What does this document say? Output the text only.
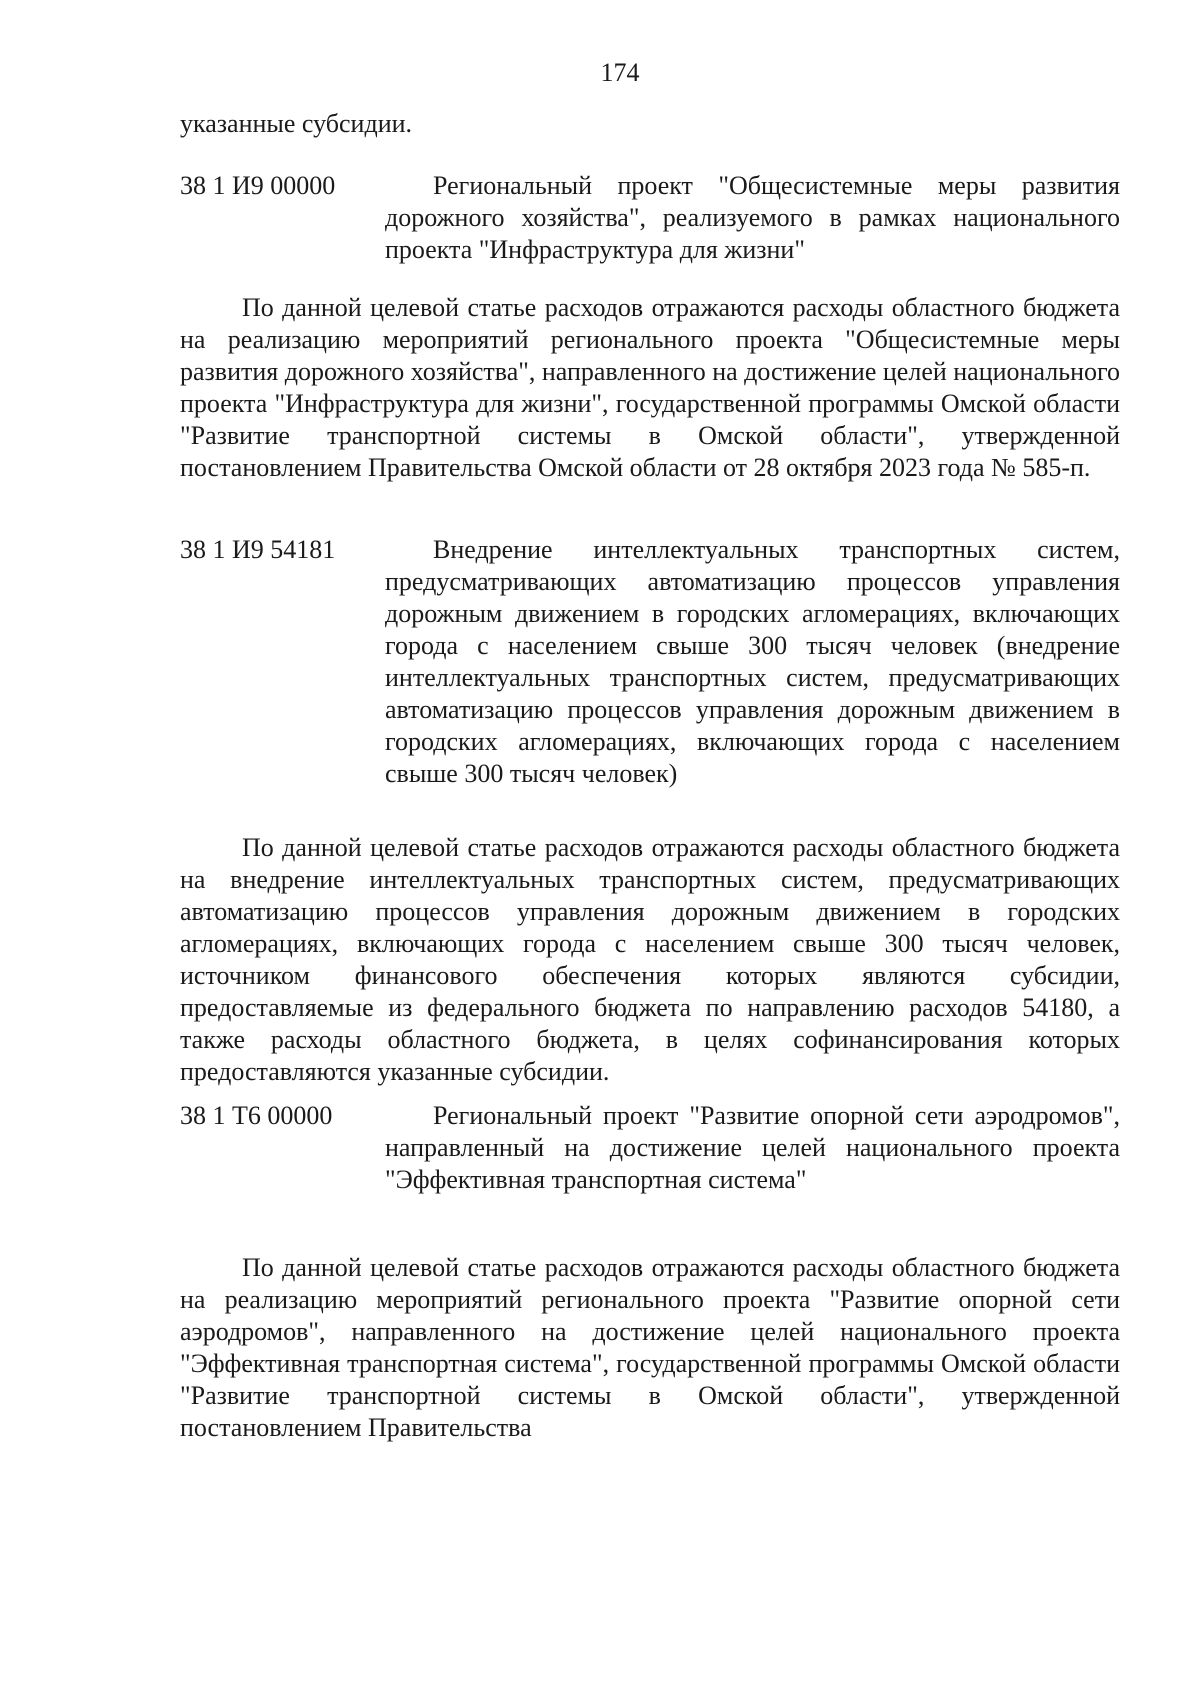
174
указанные субсидии.
38 1 И9 00000	Региональный проект "Общесистемные меры развития дорожного хозяйства", реализуемого в рамках национального проекта "Инфраструктура для жизни"
По данной целевой статье расходов отражаются расходы областного бюджета на реализацию мероприятий регионального проекта "Общесистемные меры развития дорожного хозяйства", направленного на достижение целей национального проекта "Инфраструктура для жизни", государственной программы Омской области "Развитие транспортной системы в Омской области", утвержденной постановлением Правительства Омской области от 28 октября 2023 года № 585-п.
38 1 И9 54181	Внедрение интеллектуальных транспортных систем, предусматривающих автоматизацию процессов управления дорожным движением в городских агломерациях, включающих города с населением свыше 300 тысяч человек (внедрение интеллектуальных транспортных систем, предусматривающих автоматизацию процессов управления дорожным движением в городских агломерациях, включающих города с населением свыше 300 тысяч человек)
По данной целевой статье расходов отражаются расходы областного бюджета на внедрение интеллектуальных транспортных систем, предусматривающих автоматизацию процессов управления дорожным движением в городских агломерациях, включающих города с населением свыше 300 тысяч человек, источником финансового обеспечения которых являются субсидии, предоставляемые из федерального бюджета по направлению расходов 54180, а также расходы областного бюджета, в целях софинансирования которых предоставляются указанные субсидии.
38 1 Т6 00000	Региональный проект "Развитие опорной сети аэродромов", направленный на достижение целей национального проекта "Эффективная транспортная система"
По данной целевой статье расходов отражаются расходы областного бюджета на реализацию мероприятий регионального проекта "Развитие опорной сети аэродромов", направленного на достижение целей национального проекта "Эффективная транспортная система", государственной программы Омской области "Развитие транспортной системы в Омской области", утвержденной постановлением Правительства
